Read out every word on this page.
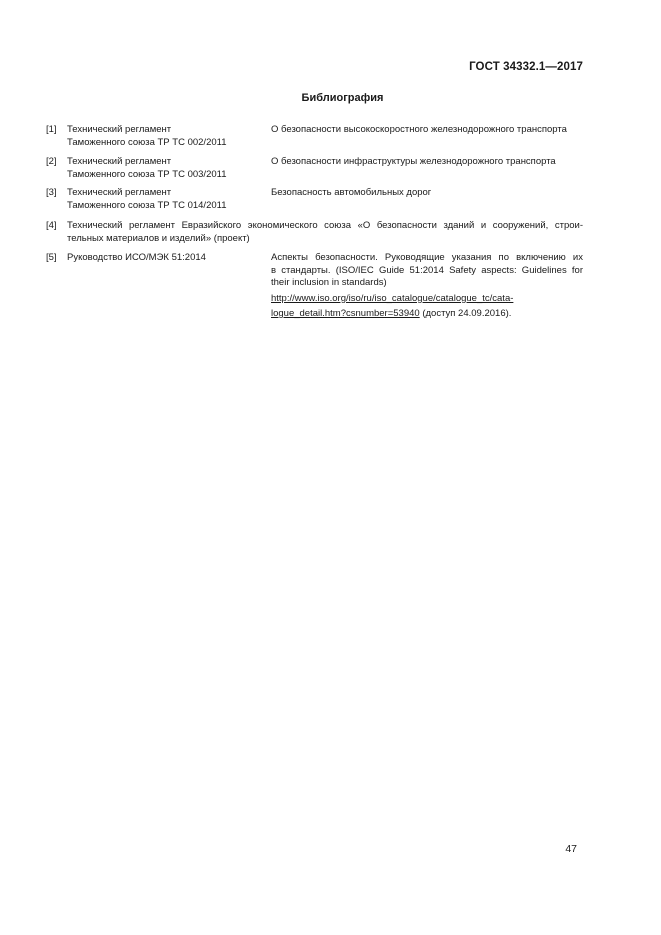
ГОСТ 34332.1—2017
Библиография
[1] Технический регламент
Таможенного союза ТР ТС 002/2011
О безопасности высокоскоростного железнодорожного транспорта
[2] Технический регламент
Таможенного союза ТР ТС 003/2011
О безопасности инфраструктуры железнодорожного транспорта
[3] Технический регламент
Таможенного союза ТР ТС 014/2011
Безопасность автомобильных дорог
[4] Технический регламент Евразийского экономического союза «О безопасности зданий и сооружений, строи-
тельных материалов и изделий» (проект)
[5] Руководство ИСО/МЭК 51:2014	Аспекты безопасности. Руководящие указания по включению их
в стандарты. (ISO/IEC Guide 51:2014 Safety aspects: Guidelines for
their inclusion in standards)
http://www.iso.org/iso/ru/iso_catalogue/catalogue_tc/cata-
logue_detail.htm?csnumber=53940 (доступ 24.09.2016).
47
